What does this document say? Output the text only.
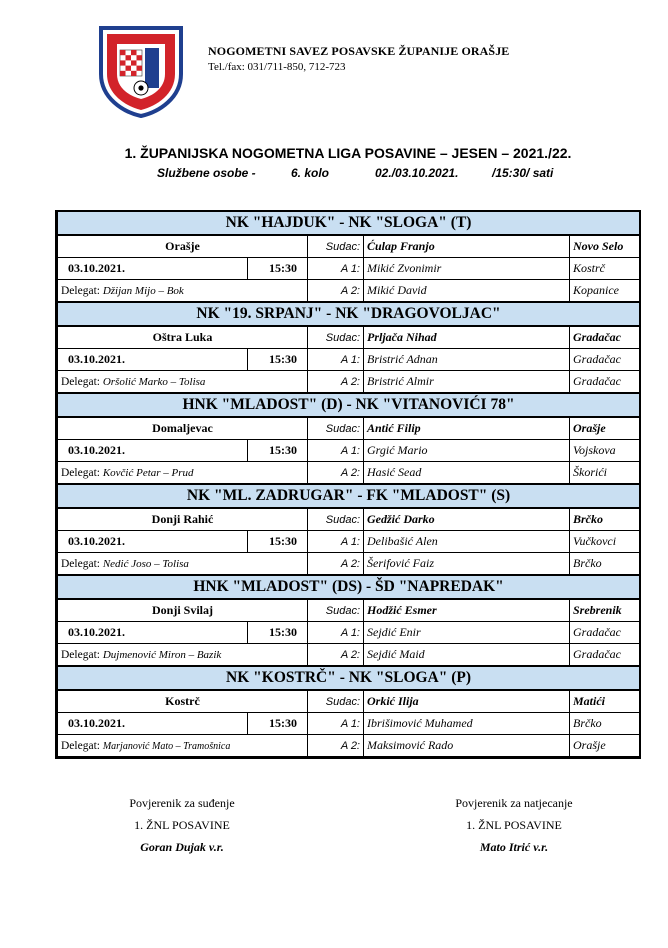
NOGOMETNI SAVEZ POSAVSKE ŽUPANIJE ORAŠJE
Tel./fax: 031/711-850, 712-723
1. ŽUPANIJSKA NOGOMETNA LIGA POSAVINE – JESEN – 2021./22.
Službene osobe -	6. kolo	02./03.10.2021.	/15:30/ sati
NK "HAJDUK" - NK "SLOGA" (T)				
Orašje		Sudac:	Ćulap Franjo	Novo Selo
03.10.2021.	15:30	A 1:	Mikić Zvonimir	Kostrč
Delegat: Džijan Mijo – Bok		A 2:	Mikić David	Kopanice
NK "19. SRPANJ" - NK "DRAGOVOLJAC"				
Oštra Luka		Sudac:	Prljača Nihad	Gradačac
03.10.2021.	15:30	A 1:	Bristrić Adnan	Gradačac
Delegat: Oršolić Marko – Tolisa		A 2:	Bristrić Almir	Gradačac
HNK "MLADOST" (D) - NK "VITANOVIĆI 78"				
Domaljevac		Sudac:	Antić Filip	Orašje
03.10.2021.	15:30	A 1:	Grgić Mario	Vojskova
Delegat: Kovčić Petar – Prud		A 2:	Hasić Sead	Škorići
NK "ML. ZADRUGAR" - FK "MLADOST" (S)				
Donji Rahić		Sudac:	Gedžić Darko	Brčko
03.10.2021.	15:30	A 1:	Delibašić Alen	Vučkovci
Delegat: Nedić Joso – Tolisa		A 2:	Šerifović Faiz	Brčko
HNK "MLADOST" (DS) - ŠD "NAPREDAK"				
Donji Svilaj		Sudac:	Hodžić Esmer	Srebrenik
03.10.2021.	15:30	A 1:	Sejdić Enir	Gradačac
Delegat: Dujmenović Miron – Bazik		A 2:	Sejdić Maid	Gradačac
NK "KOSTRČ" - NK "SLOGA" (P)				
Kostrč		Sudac:	Orkić Ilija	Matići
03.10.2021.	15:30	A 1:	Ibrišimović Muhamed	Brčko
Delegat: Marjanović Mato – Tramošnica		A 2:	Maksimović Rado	Orašje
Povjerenik za suđenje
1. ŽNL POSAVINE
Goran Dujak v.r.
Povjerenik za natjecanje
1. ŽNL POSAVINE
Mato Itrić v.r.
